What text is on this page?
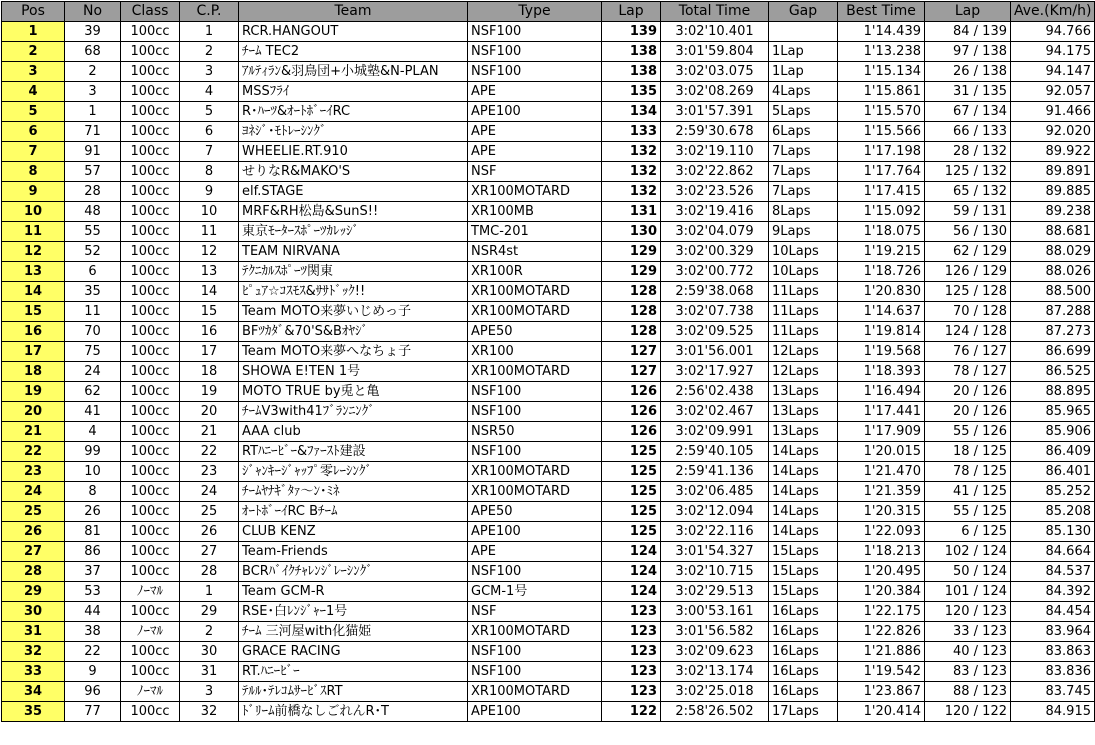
Pos	No	Class	C.P.	Team	Type	Lap	Total Time	Gap	Best Time	Lap	Ave.(Km/h)
1	39	100cc	1	RCR.HANGOUT	NSF100	139	3:02'10.401		1'14.439	84 / 139	94.766
2	68	100cc	2	ﾁｰﾑ TEC2	NSF100	138	3:01'59.804	1Lap	1'13.238	97 / 138	94.175
3	2	100cc	3	ｱﾙﾃｨﾗﾝ&羽鳥団+小城塾&N-PLAN	NSF100	138	3:02'03.075	1Lap	1'15.134	26 / 138	94.147
4	3	100cc	4	MSSﾌﾗｲ	APE	135	3:02'08.269	4Laps	1'15.861	31 / 135	92.057
5	1	100cc	5	R･ﾊｰﾂ&ｵｰﾄﾎﾞｰｲRC	APE100	134	3:01'57.391	5Laps	1'15.570	67 / 134	91.466
6	71	100cc	6	ﾖﾈｼﾞ･ﾓﾄﾚｰｼﾝｸﾞ	APE	133	2:59'30.678	6Laps	1'15.566	66 / 133	92.020
7	91	100cc	7	WHEELIE.RT.910	APE	132	3:02'19.110	7Laps	1'17.198	28 / 132	89.922
8	57	100cc	8	せりなR&MAKO'S	NSF	132	3:02'22.862	7Laps	1'17.764	125 / 132	89.891
9	28	100cc	9	elf.STAGE	XR100MOTARD	132	3:02'23.526	7Laps	1'17.415	65 / 132	89.885
10	48	100cc	10	MRF&RH松島&SunS!!	XR100MB	131	3:02'19.416	8Laps	1'15.092	59 / 131	89.238
11	55	100cc	11	東京ﾓｰﾀｰｽﾎﾟｰﾂｶﾚｯｼﾞ	TMC-201	130	3:02'04.079	9Laps	1'18.075	56 / 130	88.681
12	52	100cc	12	TEAM NIRVANA	NSR4st	129	3:02'00.329	10Laps	1'19.215	62 / 129	88.029
13	6	100cc	13	ﾃｸﾆｶﾙｽﾎﾟｰﾂ関東	XR100R	129	3:02'00.772	10Laps	1'18.726	126 / 129	88.026
14	35	100cc	14	ﾋﾟｭｱ☆ｺｽﾓｽ&ｻｻﾄﾞｯｸ!!	XR100MOTARD	128	2:59'38.068	11Laps	1'20.830	125 / 128	88.500
15	11	100cc	15	Team MOTO来夢いじめっ子	XR100MOTARD	128	3:02'07.738	11Laps	1'14.637	70 / 128	87.288
16	70	100cc	16	BFﾂｶﾀﾞ&70'S&Bｵﾔｼﾞ	APE50	128	3:02'09.525	11Laps	1'19.814	124 / 128	87.273
17	75	100cc	17	Team MOTO来夢へなちょ子	XR100	127	3:01'56.001	12Laps	1'19.568	76 / 127	86.699
18	24	100cc	18	SHOWA E!TEN 1号	XR100MOTARD	127	3:02'17.927	12Laps	1'18.393	78 / 127	86.525
19	62	100cc	19	MOTO TRUE by兎と亀	NSF100	126	2:56'02.438	13Laps	1'16.494	20 / 126	88.895
20	41	100cc	20	ﾁｰﾑV3with41ﾌﾞﾗﾝﾆﾝｸﾞ	NSF100	126	3:02'02.467	13Laps	1'17.441	20 / 126	85.965
21	4	100cc	21	AAA club	NSR50	126	3:02'09.991	13Laps	1'17.909	55 / 126	85.906
22	99	100cc	22	RTﾊﾆｰﾋﾞｰ&ﾌｧｰｽﾄ建設	NSF100	125	2:59'40.105	14Laps	1'20.015	18 / 125	86.409
23	10	100cc	23	ｼﾞｬﾝｷｰｼﾞｬｯﾌﾟ零ﾚｰｼﾝｸﾞ	XR100MOTARD	125	2:59'41.136	14Laps	1'21.470	78 / 125	86.401
24	8	100cc	24	ﾁｰﾑﾔﾅｷﾞﾀｧ～ﾝ･ﾐﾈ	XR100MOTARD	125	3:02'06.485	14Laps	1'21.359	41 / 125	85.252
25	26	100cc	25	ｵｰﾄﾎﾞｰｲRC Bﾁｰﾑ	APE50	125	3:02'12.094	14Laps	1'20.315	55 / 125	85.208
26	81	100cc	26	CLUB KENZ	APE100	125	3:02'22.116	14Laps	1'22.093	6 / 125	85.130
27	86	100cc	27	Team-Friends	APE	124	3:01'54.327	15Laps	1'18.213	102 / 124	84.664
28	37	100cc	28	BCRﾊﾞｲｸﾁｬﾚﾝｼﾞﾚｰｼﾝｸﾞ	NSF100	124	3:02'10.715	15Laps	1'20.495	50 / 124	84.537
29	53	ﾉｰﾏﾙ	1	Team GCM-R	GCM-1号	124	3:02'29.513	15Laps	1'20.384	101 / 124	84.392
30	44	100cc	29	RSE･白ﾚﾝｼﾞｬｰ1号	NSF	123	3:00'53.161	16Laps	1'22.175	120 / 123	84.454
31	38	ﾉｰﾏﾙ	2	ﾁｰﾑ 三河屋with化猫姫	XR100MOTARD	123	3:01'56.582	16Laps	1'22.826	33 / 123	83.964
32	22	100cc	30	GRACE RACING	NSF100	123	3:02'09.623	16Laps	1'21.886	40 / 123	83.863
33	9	100cc	31	RT.ﾊﾆｰﾋﾞｰ	NSF100	123	3:02'13.174	16Laps	1'19.542	83 / 123	83.836
34	96	ﾉｰﾏﾙ	3	ﾃﾙﾙ･ﾃﾚｺﾑｻｰﾋﾞｽRT	XR100MOTARD	123	3:02'25.018	16Laps	1'23.867	88 / 123	83.745
35	77	100cc	32	ﾄﾞﾘｰﾑ前橋なしごれんR･T	APE100	122	2:58'26.502	17Laps	1'20.414	120 / 122	84.915
